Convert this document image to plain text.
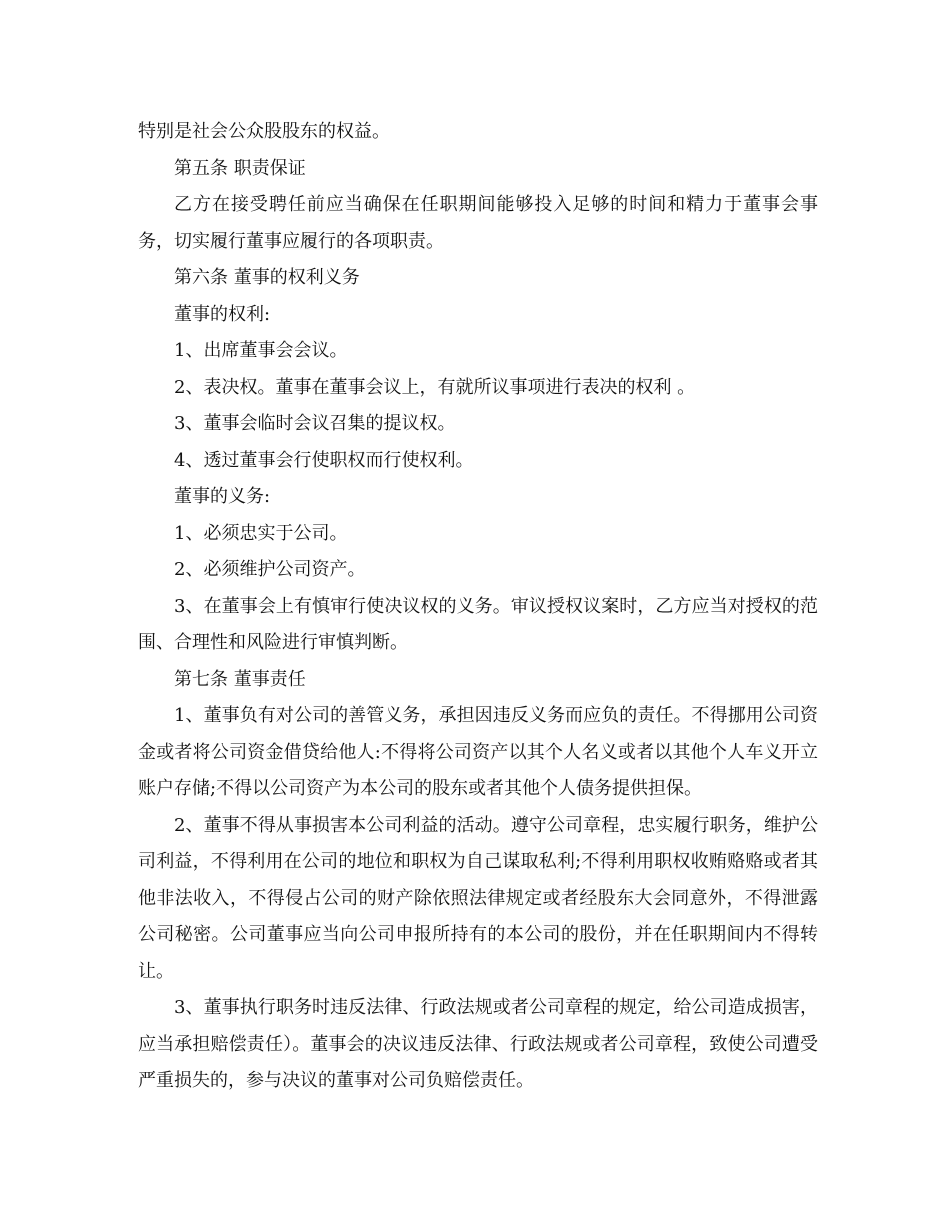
特别是社会公众股股东的权益。

第五条 职责保证

乙方在接受聘任前应当确保在任职期间能够投入足够的时间和精力于董事会事务，切实履行董事应履行的各项职责。

第六条 董事的权利义务

董事的权利:

1、出席董事会会议。

2、表决权。董事在董事会议上，有就所议事项进行表决的权利 。

3、董事会临时会议召集的提议权。

4、透过董事会行使职权而行使权利。

董事的义务:

1、必须忠实于公司。

2、必须维护公司资产。

3、在董事会上有慎审行使决议权的义务。审议授权议案时，乙方应当对授权的范围、合理性和风险进行审慎判断。

第七条 董事责任

1、董事负有对公司的善管义务，承担因违反义务而应负的责任。不得挪用公司资金或者将公司资金借贷给他人:不得将公司资产以其个人名义或者以其他个人车义开立账户存储;不得以公司资产为本公司的股东或者其他个人债务提供担保。

2、董事不得从事损害本公司利益的活动。遵守公司章程，忠实履行职务，维护公司利益，不得利用在公司的地位和职权为自己谋取私利;不得利用职权收贿赂赂或者其他非法收入，不得侵占公司的财产除依照法律规定或者经股东大会同意外，不得泄露公司秘密。公司董事应当向公司申报所持有的本公司的股份，并在任职期间内不得转让。

3、董事执行职务时违反法律、行政法规或者公司章程的规定，给公司造成损害，应当承担赔偿责任）。董事会的决议违反法律、行政法规或者公司章程，致使公司遭受严重损失的，参与决议的董事对公司负赔偿责任。
